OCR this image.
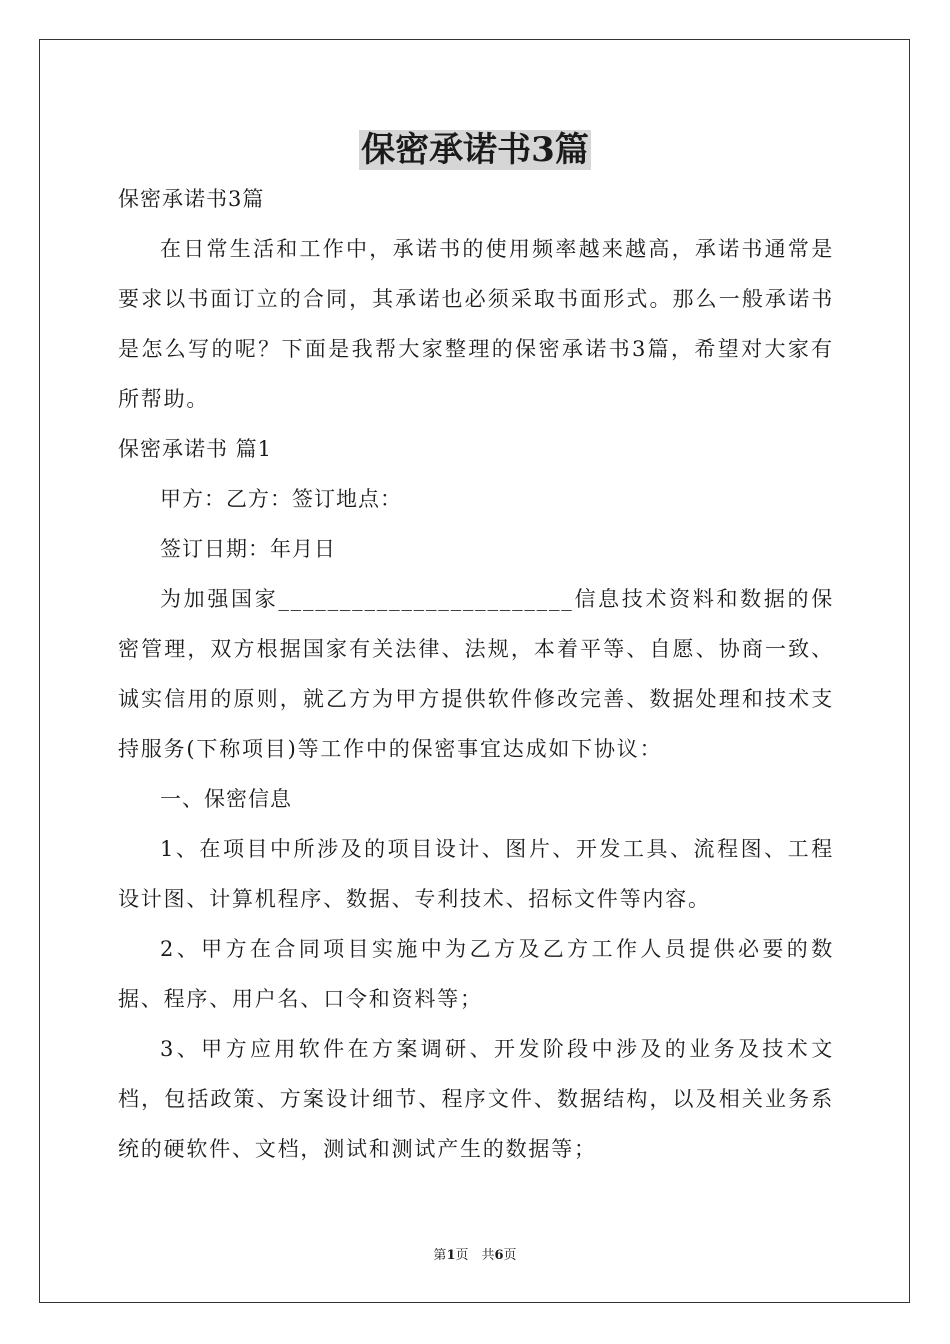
保密承诺书3篇

保密承诺书3篇

在日常生活和工作中，承诺书的使用频率越来越高，承诺书通常是要求以书面订立的合同，其承诺也必须采取书面形式。那么一般承诺书是怎么写的呢？下面是我帮大家整理的保密承诺书3篇，希望对大家有所帮助。

保密承诺书 篇1

甲方：乙方：签订地点：

签订日期：年月日

为加强国家________________________信息技术资料和数据的保密管理，双方根据国家有关法律、法规，本着平等、自愿、协商一致、诚实信用的原则，就乙方为甲方提供软件修改完善、数据处理和技术支持服务(下称项目)等工作中的保密事宜达成如下协议：

一、保密信息

1、在项目中所涉及的项目设计、图片、开发工具、流程图、工程设计图、计算机程序、数据、专利技术、招标文件等内容。

2、甲方在合同项目实施中为乙方及乙方工作人员提供必要的数据、程序、用户名、口令和资料等；

3、甲方应用软件在方案调研、开发阶段中涉及的业务及技术文档，包括政策、方案设计细节、程序文件、数据结构，以及相关业务系统的硬软件、文档，测试和测试产生的数据等；

第1页　共6页
